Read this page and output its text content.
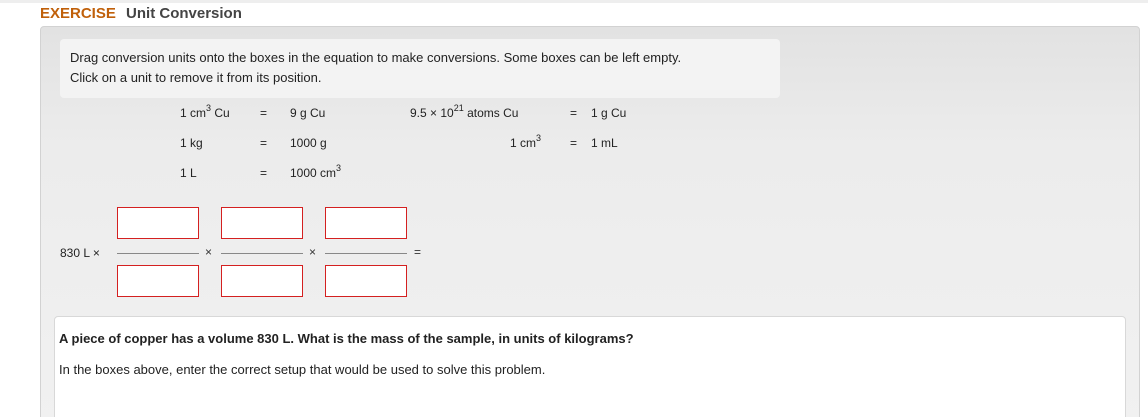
EXERCISE Unit Conversion
Drag conversion units onto the boxes in the equation to make conversions. Some boxes can be left empty.
Click on a unit to remove it from its position.
1 $cm^3$ Cu	= 9 g Cu
1 kg	= 1000 g
1 L	= 1000 $cm^3$
$9.5 \times 10^{21}$ atoms Cu	= 1 g Cu
1 $cm^3 = 1$ mL
830 L ×	×	×	=
A piece of copper has a volume 830 L. What is the mass of the sample, in units of kilograms?
In the boxes above, enter the correct setup that would be used to solve this problem.
